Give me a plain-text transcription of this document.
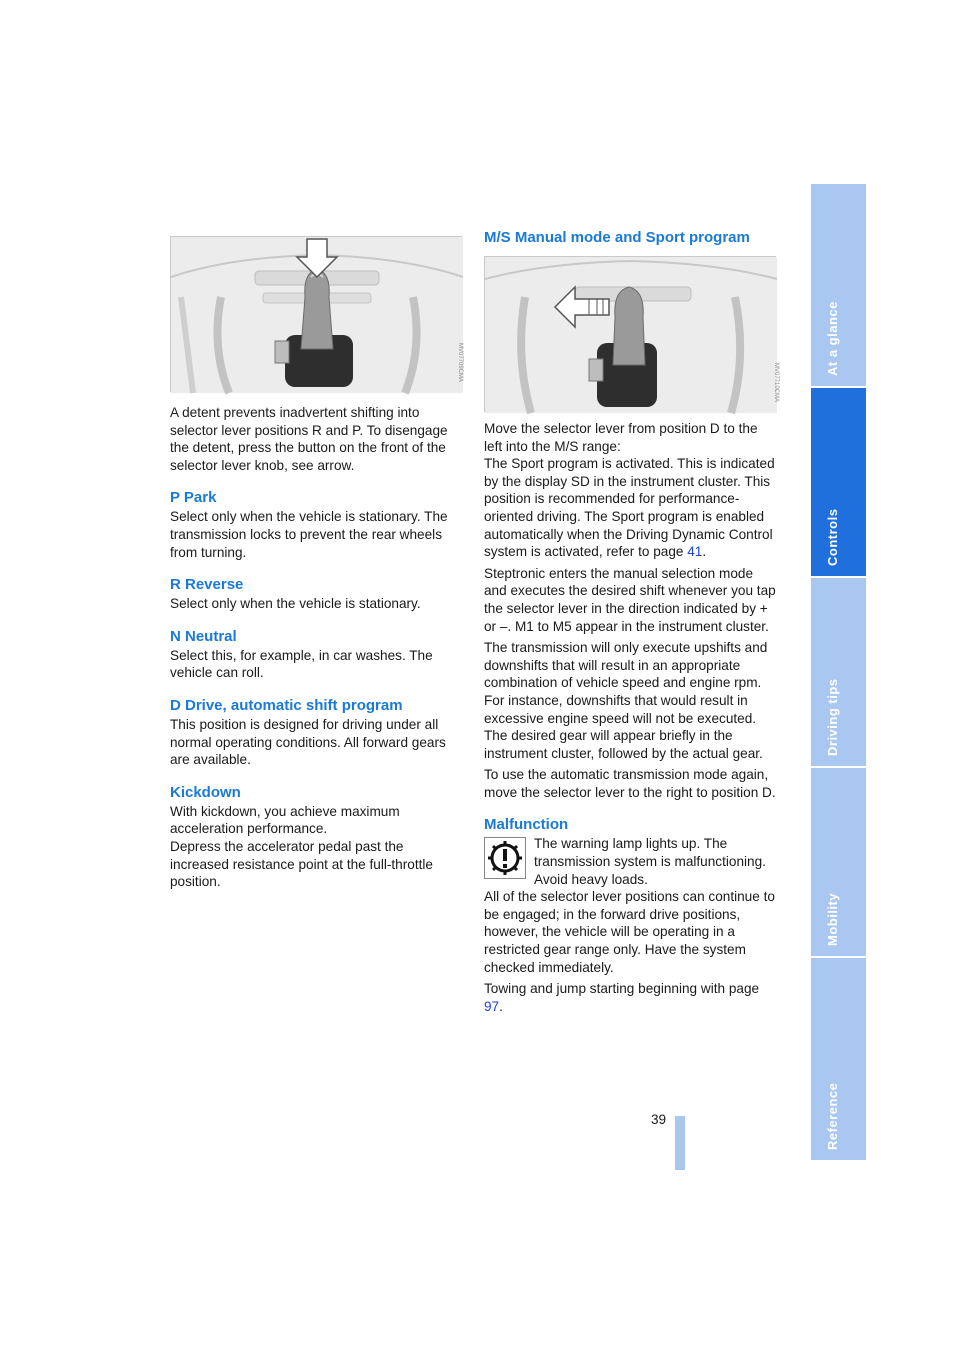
MV07709CMA

A detent prevents inadvertent shifting into selector lever positions R and P. To disengage the detent, press the button on the front of the selector lever knob, see arrow.

P Park

Select only when the vehicle is stationary. The transmission locks to prevent the rear wheels from turning.

R Reverse

Select only when the vehicle is stationary.

N Neutral

Select this, for example, in car washes. The vehicle can roll.

D Drive, automatic shift program

This position is designed for driving under all normal operating conditions. All forward gears are available.

Kickdown

With kickdown, you achieve maximum acceleration performance.

Depress the accelerator pedal past the increased resistance point at the full-throttle position.

M/S Manual mode and Sport program
MV07710CMA

Move the selector lever from position D to the left into the M/S range:

The Sport program is activated. This is indicated by the display SD in the instrument cluster. This position is recommended for performance-oriented driving. The Sport program is enabled automatically when the Driving Dynamic Control system is activated, refer to page 41.

Steptronic enters the manual selection mode and executes the desired shift whenever you tap the selector lever in the direction indicated by + or –. M1 to M5 appear in the instrument cluster.

The transmission will only execute upshifts and downshifts that will result in an appropriate combination of vehicle speed and engine rpm. For instance, downshifts that would result in excessive engine speed will not be executed. The desired gear will appear briefly in the instrument cluster, followed by the actual gear.

To use the automatic transmission mode again, move the selector lever to the right to position D.

Malfunction

The warning lamp lights up. The transmission system is malfunctioning. Avoid heavy loads.

All of the selector lever positions can continue to be engaged; in the forward drive positions, however, the vehicle will be operating in a restricted gear range only. Have the system checked immediately.

Towing and jump starting beginning with page 97.

At a glance
Controls
Driving tips
Mobility
Reference
39
